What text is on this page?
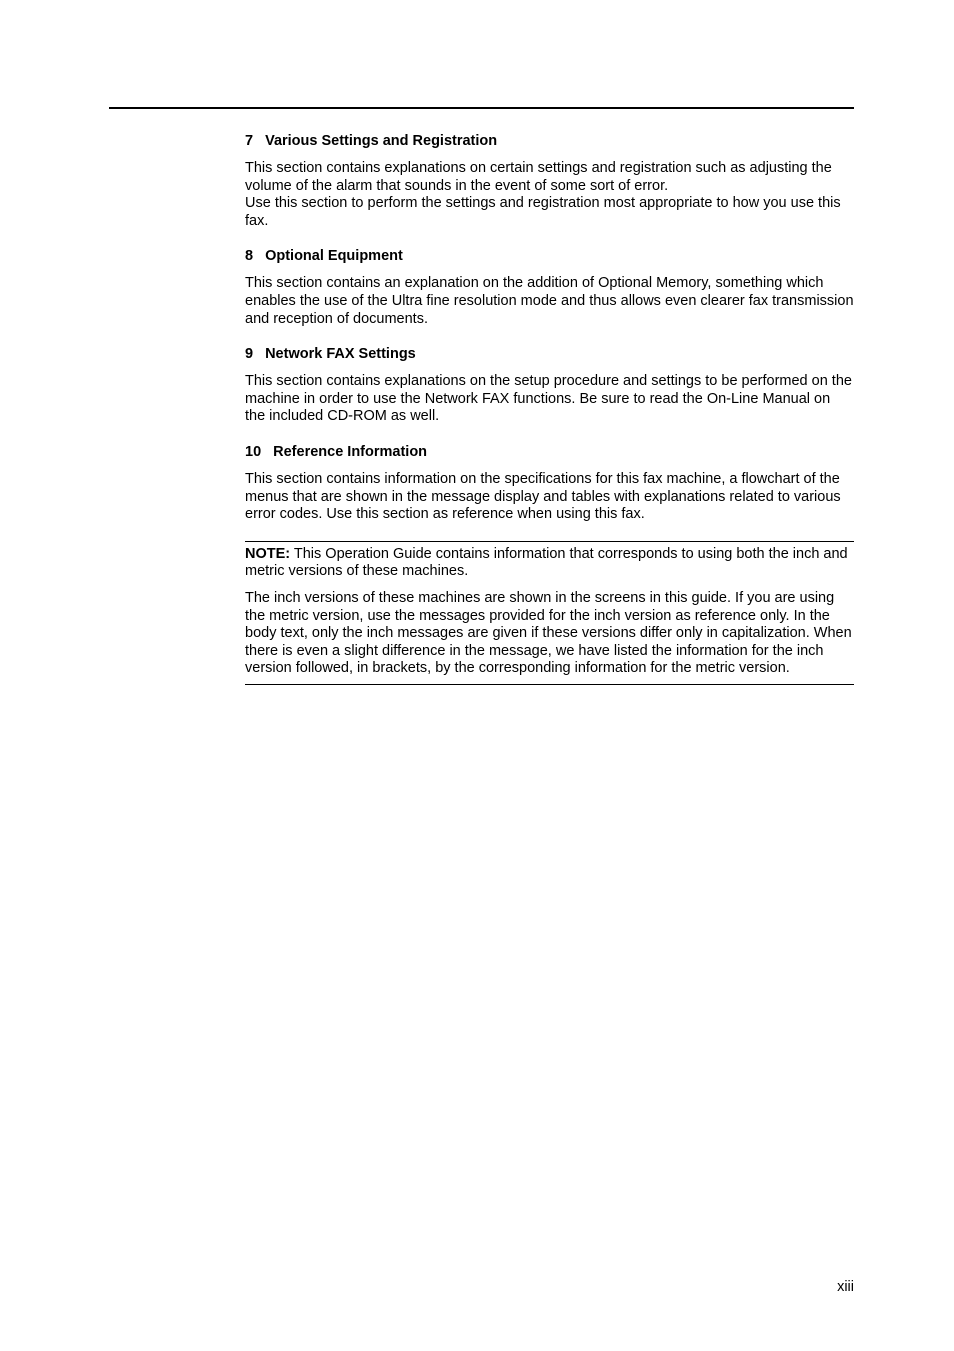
7 Various Settings and Registration

This section contains explanations on certain settings and registration such as adjusting the volume of the alarm that sounds in the event of some sort of error.

Use this section to perform the settings and registration most appropriate to how you use this fax.

8 Optional Equipment

This section contains an explanation on the addition of Optional Memory, something which enables the use of the Ultra fine resolution mode and thus allows even clearer fax transmission and reception of documents.

9 Network FAX Settings

This section contains explanations on the setup procedure and settings to be performed on the machine in order to use the Network FAX functions. Be sure to read the On-Line Manual on the included CD-ROM as well.

10 Reference Information

This section contains information on the specifications for this fax machine, a flowchart of the menus that are shown in the message display and tables with explanations related to various error codes. Use this section as reference when using this fax.

NOTE: This Operation Guide contains information that corresponds to using both the inch and metric versions of these machines.

The inch versions of these machines are shown in the screens in this guide. If you are using the metric version, use the messages provided for the inch version as reference only. In the body text, only the inch messages are given if these versions differ only in capitalization. When there is even a slight difference in the message, we have listed the information for the inch version followed, in brackets, by the corresponding information for the metric version.

xiii
